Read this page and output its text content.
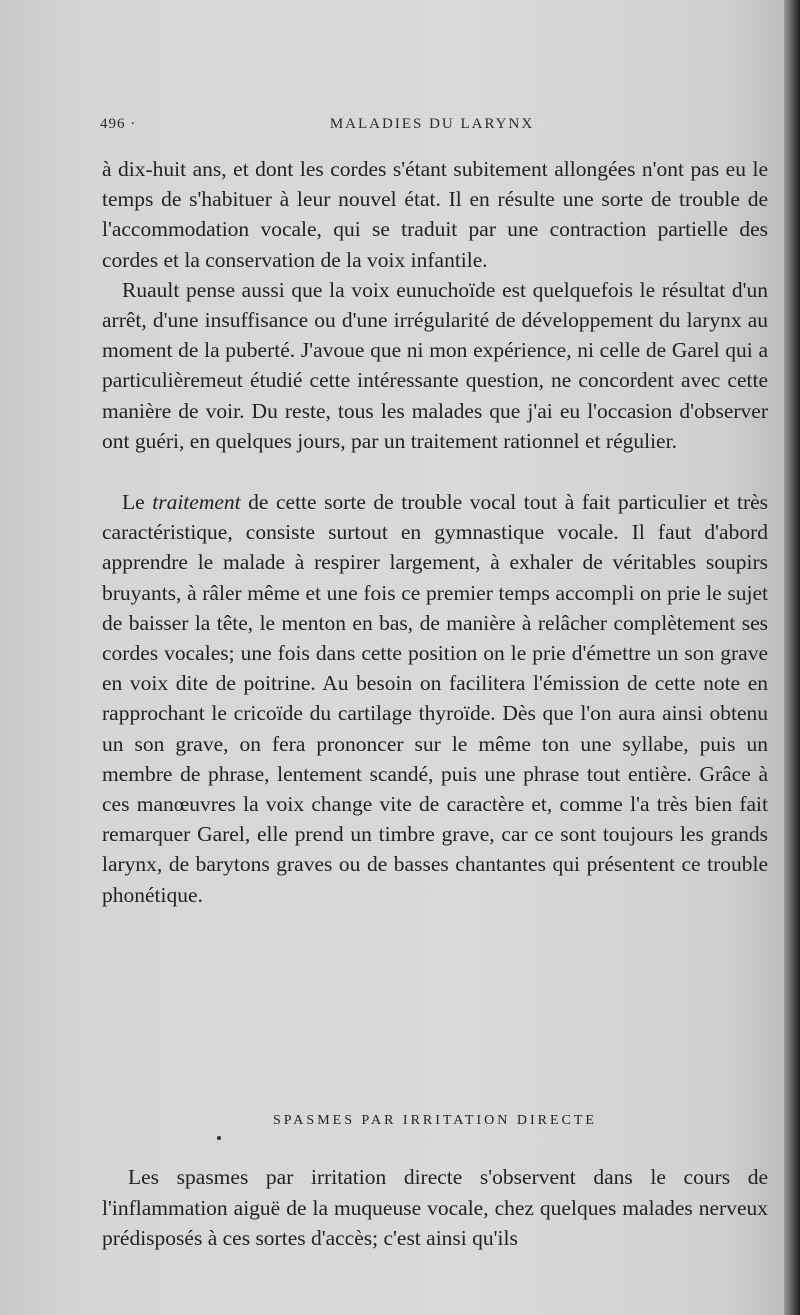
496 ·	MALADIES DU LARYNX

à dix-huit ans, et dont les cordes s'étant subitement allongées n'ont pas eu le temps de s'habituer à leur nouvel état. Il en résulte une sorte de trouble de l'accommodation vocale, qui se traduit par une contraction partielle des cordes et la conservation de la voix infantile.

Ruault pense aussi que la voix eunuchoïde est quelquefois le résultat d'un arrêt, d'une insuffisance ou d'une irrégularité de développement du larynx au moment de la puberté. J'avoue que ni mon expérience, ni celle de Garel qui a particulièremeut étudié cette intéressante question, ne concordent avec cette manière de voir. Du reste, tous les malades que j'ai eu l'occasion d'observer ont guéri, en quelques jours, par un traitement rationnel et régulier.

Le traitement de cette sorte de trouble vocal tout à fait particulier et très caractéristique, consiste surtout en gymnastique vocale. Il faut d'abord apprendre le malade à respirer largement, à exhaler de véritables soupirs bruyants, à râler même et une fois ce premier temps accompli on prie le sujet de baisser la tête, le menton en bas, de manière à relâcher complètement ses cordes vocales; une fois dans cette position on le prie d'émettre un son grave en voix dite de poitrine. Au besoin on facilitera l'émission de cette note en rapprochant le cricoïde du cartilage thyroïde. Dès que l'on aura ainsi obtenu un son grave, on fera prononcer sur le même ton une syllabe, puis un membre de phrase, lentement scandé, puis une phrase tout entière. Grâce à ces manœuvres la voix change vite de caractère et, comme l'a très bien fait remarquer Garel, elle prend un timbre grave, car ce sont toujours les grands larynx, de barytons graves ou de basses chantantes qui présentent ce trouble phonétique.

SPASMES PAR IRRITATION DIRECTE

Les spasmes par irritation directe s'observent dans le cours de l'inflammation aiguë de la muqueuse vocale, chez quelques malades nerveux prédisposés à ces sortes d'accès; c'est ainsi qu'ils
